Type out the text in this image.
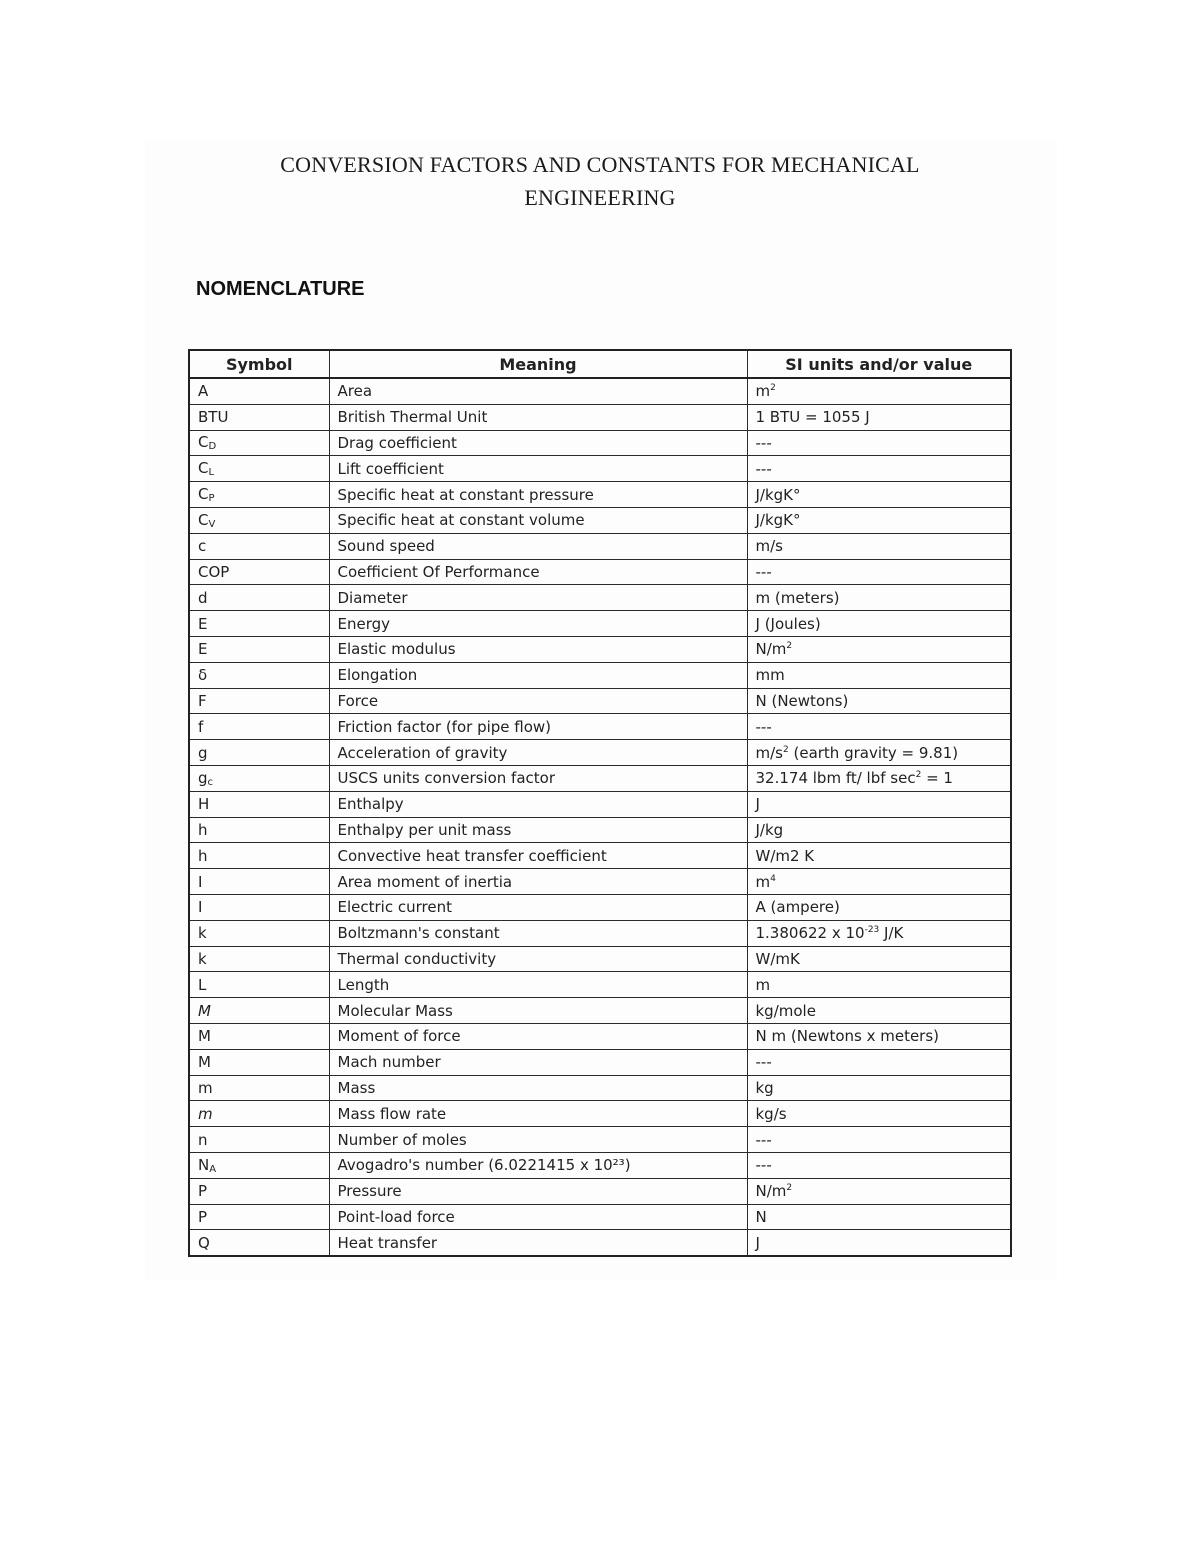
CONVERSION FACTORS AND CONSTANTS FOR MECHANICAL
ENGINEERING
NOMENCLATURE
Symbol	Meaning	SI units and/or value
A	Area	$m^2$
BTU	British Thermal Unit	1 BTU = 1055 J
CD	Drag coefficient	---
CL	Lift coefficient	---
CP	Specific heat at constant pressure	J/kgK°
CV	Specific heat at constant volume	J/kgK°
c	Sound speed	m/s
COP	Coefficient Of Performance	---
d	Diameter	m (meters)
E	Energy	J (Joules)
E	Elastic modulus	$N/m^2$
δ	Elongation	mm
F	Force	N (Newtons)
f	Friction factor (for pipe flow)	---
g	Acceleration of gravity	$m/s^2$ (earth gravity = 9.81)
gc	USCS units conversion factor	32.174 lbm ft/ lbf $\sec^2 = 1$
H	Enthalpy	J
h	Enthalpy per unit mass	J/kg
h	Convective heat transfer coefficient	W/m2 K
I	Area moment of inertia	$m^4$
I	Electric current	A (ampere)
k	Boltzmann's constant	1.380622 x $10^{-23}$ J/K
k	Thermal conductivity	W/mK
L	Length	m
M	Molecular Mass	kg/mole
M	Moment of force	N m (Newtons x meters)
M	Mach number	---
m	Mass	kg
m	Mass flow rate	kg/s
n	Number of moles	---
NA	Avogadro's number (6.0221415 x 10²³)	---
P	Pressure	$N/m^2$
P	Point-load force	N
Q	Heat transfer	J
